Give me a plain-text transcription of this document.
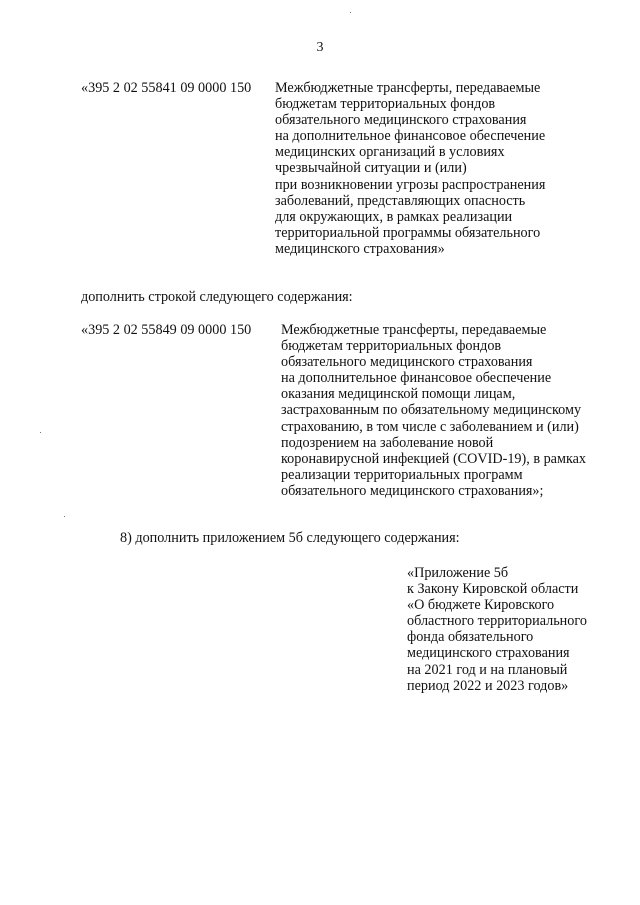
3
«395 2 02 55841 09 0000 150 Межбюджетные трансферты, передаваемые
бюджетам территориальных фондов
обязательного медицинского страхования
на дополнительное финансовое обеспечение
медицинских организаций в условиях
чрезвычайной ситуации и (или)
при возникновении угрозы распространения
заболеваний, представляющих опасность
для окружающих, в рамках реализации
территориальной программы обязательного
медицинского страхования»
дополнить строкой следующего содержания:
«395 2 02 55849 09 0000 150 Межбюджетные трансферты, передаваемые
бюджетам территориальных фондов
обязательного медицинского страхования
на дополнительное финансовое обеспечение
оказания медицинской помощи лицам,
застрахованным по обязательному медицинскому
страхованию, в том числе с заболеванием и (или)
подозрением на заболевание новой
коронавирусной инфекцией (COVID-19), в рамках
реализации территориальных программ
обязательного медицинского страхования»;
8) дополнить приложением 5б следующего содержания:
«Приложение 5б
к Закону Кировской области
«О бюджете Кировского
областного территориального
фонда обязательного
медицинского страхования
на 2021 год и на плановый
период 2022 и 2023 годов»
